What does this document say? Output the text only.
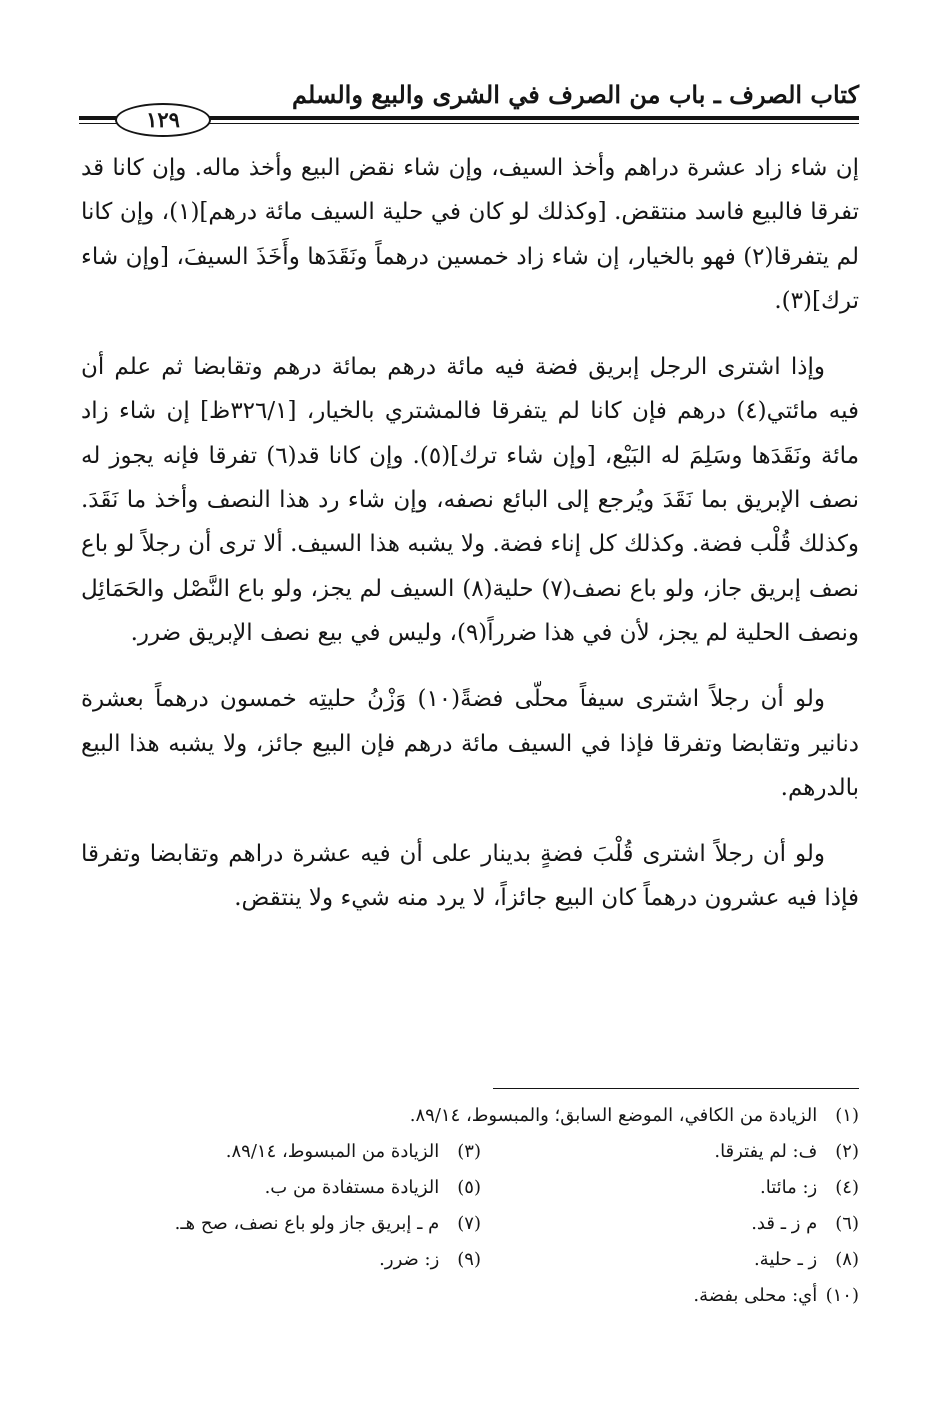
كتاب الصرف ـ باب من الصرف في الشرى والبيع والسلم
١٢٩

إن شاء زاد عشرة دراهم وأخذ السيف، وإن شاء نقض البيع وأخذ ماله. وإن كانا قد تفرقا فالبيع فاسد منتقض. [وكذلك لو كان في حلية السيف مائة درهم](١)، وإن كانا لم يتفرقا(٢) فهو بالخيار، إن شاء زاد خمسين درهماً ونَقَدَها وأَخَذَ السيفَ، [وإن شاء ترك](٣).

وإذا اشترى الرجل إبريق فضة فيه مائة درهم بمائة درهم وتقابضا ثم علم أن فيه مائتي(٤) درهم فإن كانا لم يتفرقا فالمشتري بالخيار، [٣٢٦/١ظ] إن شاء زاد مائة ونَقَدَها وسَلِمَ له البَيْع، [وإن شاء ترك](٥). وإن كانا قد(٦) تفرقا فإنه يجوز له نصف الإبريق بما نَقَدَ ويُرجع إلى البائع نصفه، وإن شاء رد هذا النصف وأخذ ما نَقَدَ. وكذلك قُلْب فضة. وكذلك كل إناء فضة. ولا يشبه هذا السيف. ألا ترى أن رجلاً لو باع نصف إبريق جاز، ولو باع نصف(٧) حلية(٨) السيف لم يجز، ولو باع النَّصْل والحَمَائِل ونصف الحلية لم يجز، لأن في هذا ضرراً(٩)، وليس في بيع نصف الإبريق ضرر.

ولو أن رجلاً اشترى سيفاً محلّى فضةً(١٠) وَزْنُ حليتِه خمسون درهماً بعشرة دنانير وتقابضا وتفرقا فإذا في السيف مائة درهم فإن البيع جائز، ولا يشبه هذا البيع بالدرهم.

ولو أن رجلاً اشترى قُلْبَ فضةٍ بدينار على أن فيه عشرة دراهم وتقابضا وتفرقا فإذا فيه عشرون درهماً كان البيع جائزاً، لا يرد منه شيء ولا ينتقض.

(١) الزيادة من الكافي، الموضع السابق؛ والمبسوط، ٨٩/١٤.
(٢) ف: لم يفترقا.
(٣) الزيادة من المبسوط، ٨٩/١٤.
(٤) ز: مائتا.
(٥) الزيادة مستفادة من ب.
(٦) م ز ـ قد.
(٧) م ـ إبريق جاز ولو باع نصف، صح هـ.
(٨) ز ـ حلية.
(٩) ز: ضرر.
(١٠) أي: محلى بفضة.
